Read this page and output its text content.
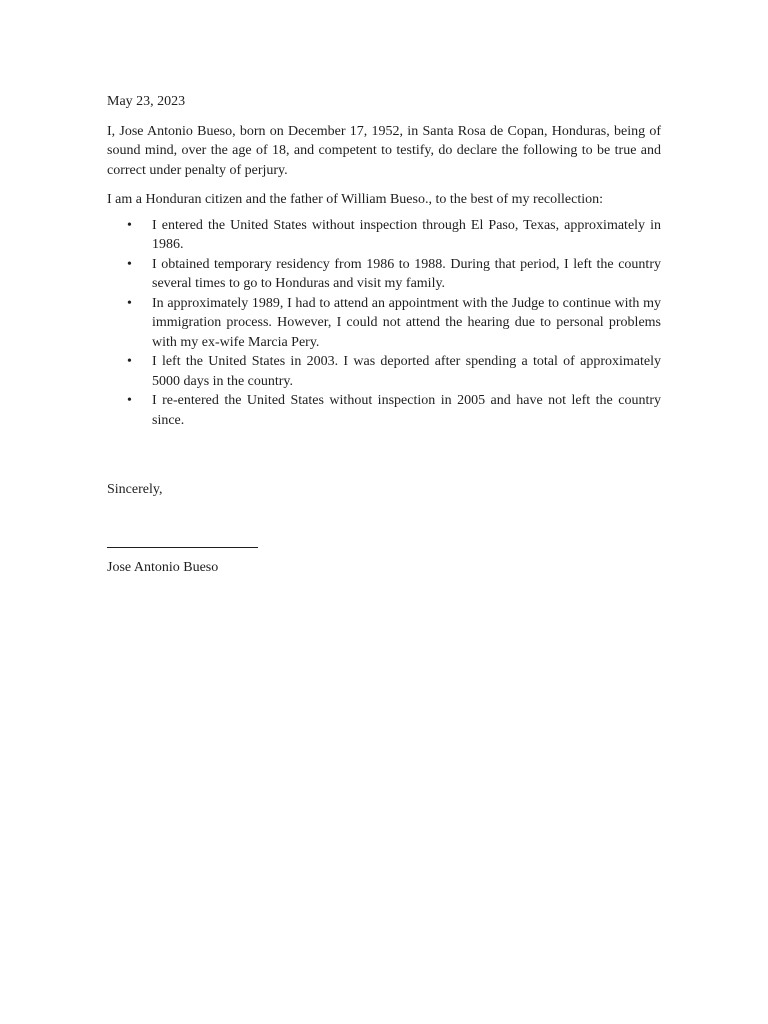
May 23, 2023

I, Jose Antonio Bueso, born on December 17, 1952, in Santa Rosa de Copan, Honduras, being of sound mind, over the age of 18, and competent to testify, do declare the following to be true and correct under penalty of perjury.

I am a Honduran citizen and the father of William Bueso., to the best of my recollection:

• I entered the United States without inspection through El Paso, Texas, approximately in 1986.
• I obtained temporary residency from 1986 to 1988. During that period, I left the country several times to go to Honduras and visit my family.
• In approximately 1989, I had to attend an appointment with the Judge to continue with my immigration process. However, I could not attend the hearing due to personal problems with my ex-wife Marcia Pery.
• I left the United States in 2003. I was deported after spending a total of approximately 5000 days in the country.
• I re-entered the United States without inspection in 2005 and have not left the country since.

Sincerely,

Jose Antonio Bueso
